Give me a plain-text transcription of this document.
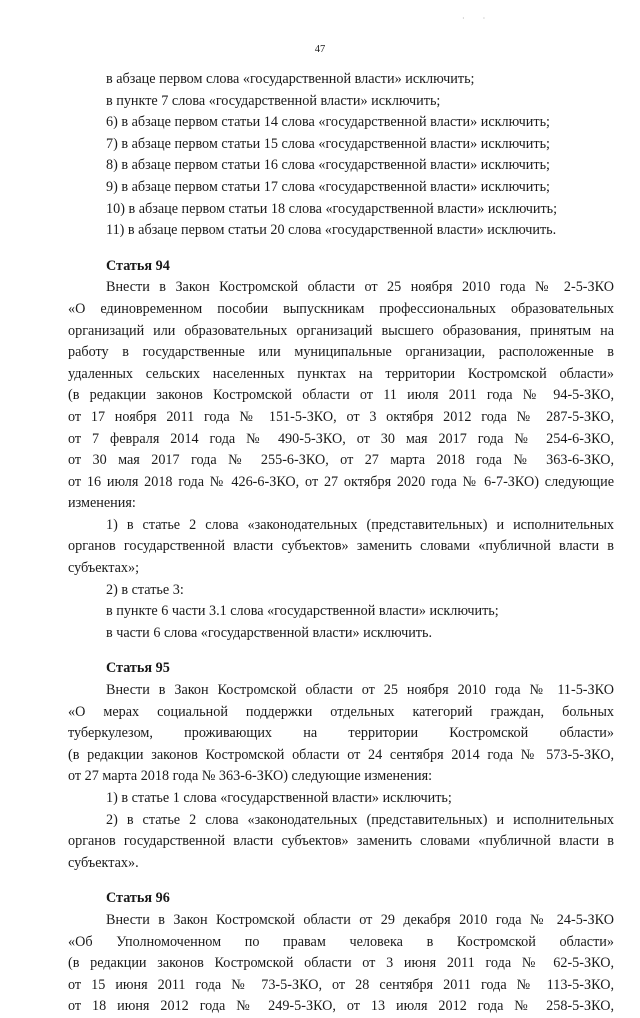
· ·
47

в абзаце первом слова «государственной власти» исключить;

в пункте 7 слова «государственной власти» исключить;

6) в абзаце первом статьи 14 слова «государственной власти» исключить;

7) в абзаце первом статьи 15 слова «государственной власти» исключить;

8) в абзаце первом статьи 16 слова «государственной власти» исключить;

9) в абзаце первом статьи 17 слова «государственной власти» исключить;

10) в абзаце первом статьи 18 слова «государственной власти» исключить;

11) в абзаце первом статьи 20 слова «государственной власти» исключить.

Статья 94

Внести в Закон Костромской области от 25 ноября 2010 года № 2-5-ЗКО

«О единовременном пособии выпускникам профессиональных образовательных

организаций или образовательных организаций высшего образования, принятым на

работу в государственные или муниципальные организации, расположенные в

удаленных сельских населенных пунктах на территории Костромской области»

(в редакции законов Костромской области от 11 июля 2011 года № 94-5-ЗКО,

от 17 ноября 2011 года № 151-5-ЗКО, от 3 октября 2012 года № 287-5-ЗКО,

от 7 февраля 2014 года № 490-5-ЗКО, от 30 мая 2017 года № 254-6-ЗКО,

от 30 мая 2017 года № 255-6-ЗКО, от 27 марта 2018 года № 363-6-ЗКО,

от 16 июля 2018 года № 426-6-ЗКО, от 27 октября 2020 года № 6-7-ЗКО) следующие

изменения:

1) в статье 2 слова «законодательных (представительных) и исполнительных

органов государственной власти субъектов» заменить словами «публичной власти в

субъектах»;

2) в статье 3:

в пункте 6 части 3.1 слова «государственной власти» исключить;

в части 6 слова «государственной власти» исключить.

Статья 95

Внести в Закон Костромской области от 25 ноября 2010 года № 11-5-ЗКО

«О мерах социальной поддержки отдельных категорий граждан, больных

туберкулезом, проживающих на территории Костромской области»

(в редакции законов Костромской области от 24 сентября 2014 года № 573-5-ЗКО,

от 27 марта 2018 года № 363-6-ЗКО) следующие изменения:

1) в статье 1 слова «государственной власти» исключить;

2) в статье 2 слова «законодательных (представительных) и исполнительных

органов государственной власти субъектов» заменить словами «публичной власти в

субъектах».

Статья 96

Внести в Закон Костромской области от 29 декабря 2010 года № 24-5-ЗКО

«Об Уполномоченном по правам человека в Костромской области»

(в редакции законов Костромской области от 3 июня 2011 года № 62-5-ЗКО,

от 15 июня 2011 года № 73-5-ЗКО, от 28 сентября 2011 года № 113-5-ЗКО,

от 18 июня 2012 года № 249-5-ЗКО, от 13 июля 2012 года № 258-5-ЗКО,
